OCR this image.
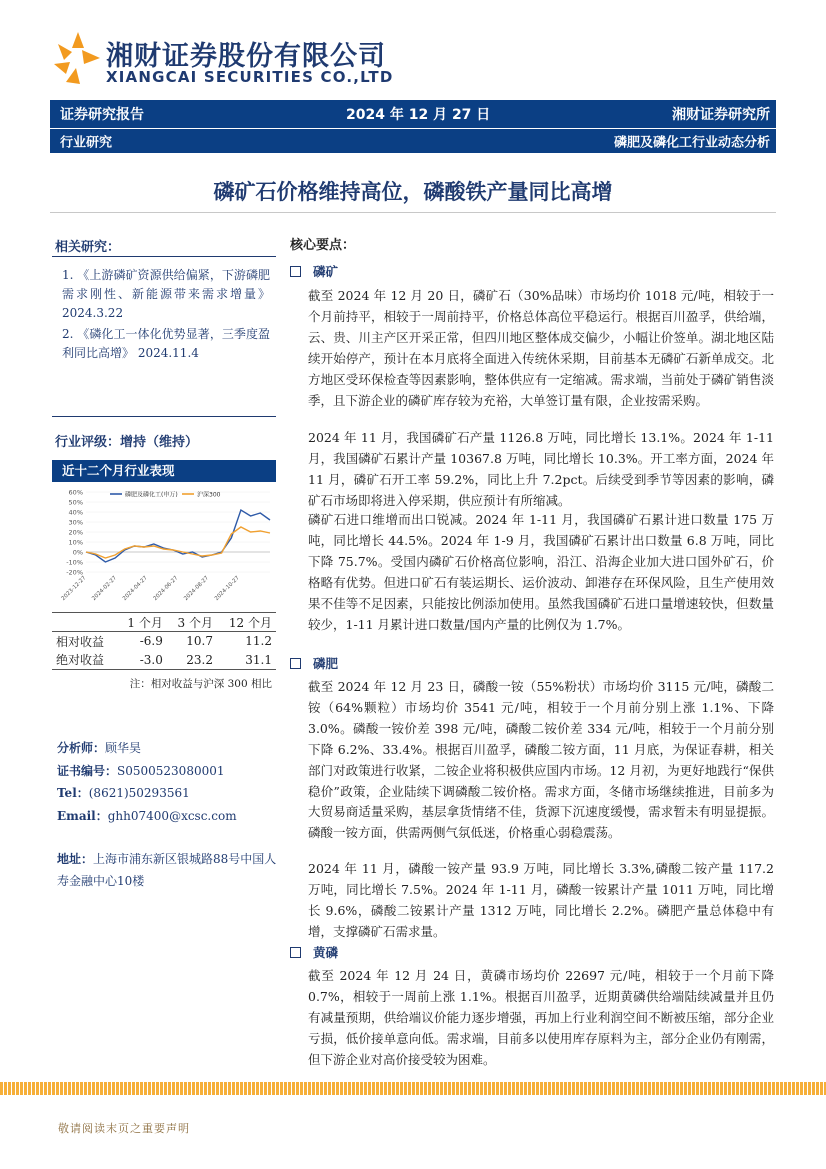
湘财证券股份有限公司
XIANGCAI SECURITIES CO.,LTD
证券研究报告	2024 年 12 月 27 日	湘财证券研究所
行业研究	磷肥及磷化工行业动态分析
磷矿石价格维持高位，磷酸铁产量同比高增
相关研究：
1. 《上游磷矿资源供给偏紧，下游磷肥需求刚性、新能源带来需求增量》 2024.3.22
2. 《磷化工一体化优势显著，三季度盈利同比高增》 2024.11.4
行业评级：增持（维持）
近十二个月行业表现
60%
50%
40%
30%
20%
10%
0%
-10%
-20%
2023-12-27 2024-02-27 2024-04-27 2024-06-27 2024-08-27 2024-10-27
磷肥及磷化工(申万)	沪深300
	1 个月	3 个月	12 个月
相对收益	-6.9	10.7	11.2
绝对收益	-3.0	23.2	31.1
注：相对收益与沪深 300 相比
分析师：顾华昊
证书编号：S0500523080001
Tel：(8621)50293561
Email：ghh07400@xcsc.com
地址：上海市浦东新区银城路88号中国人寿金融中心10楼
核心要点：
磷矿
截至 2024 年 12 月 20 日，磷矿石（30%品味）市场均价 1018 元/吨，相较于一个月前持平，相较于一周前持平，价格总体高位平稳运行。根据百川盈孚，供给端，云、贵、川主产区开采正常，但四川地区整体成交偏少，小幅让价签单。湖北地区陆续开始停产，预计在本月底将全面进入传统休采期，目前基本无磷矿石新单成交。北方地区受环保检查等因素影响，整体供应有一定缩减。需求端，当前处于磷矿销售淡季，且下游企业的磷矿库存较为充裕，大单签订量有限，企业按需采购。
2024 年 11 月，我国磷矿石产量 1126.8 万吨，同比增长 13.1%。2024 年 1-11 月，我国磷矿石累计产量 10367.8 万吨，同比增长 10.3%。开工率方面，2024 年 11 月，磷矿石开工率 59.2%，同比上升 7.2pct。后续受到季节等因素的影响，磷矿石市场即将进入停采期，供应预计有所缩减。
磷矿石进口维增而出口锐减。2024 年 1-11 月，我国磷矿石累计进口数量 175 万吨，同比增长 44.5%。2024 年 1-9 月，我国磷矿石累计出口数量 6.8 万吨，同比下降 75.7%。受国内磷矿石价格高位影响，沿江、沿海企业加大进口国外矿石，价格略有优势。但进口矿石有装运期长、运价波动、卸港存在环保风险，且生产使用效果不佳等不足因素，只能按比例添加使用。虽然我国磷矿石进口量增速较快，但数量较少，1-11 月累计进口数量/国内产量的比例仅为 1.7%。
磷肥
截至 2024 年 12 月 23 日，磷酸一铵（55%粉状）市场均价 3115 元/吨，磷酸二铵（64%颗粒）市场均价 3541 元/吨，相较于一个月前分别上涨 1.1%、下降 3.0%。磷酸一铵价差 398 元/吨，磷酸二铵价差 334 元/吨，相较于一个月前分别下降 6.2%、33.4%。根据百川盈孚，磷酸二铵方面，11 月底，为保证春耕，相关部门对政策进行收紧，二铵企业将积极供应国内市场。12 月初，为更好地践行“保供稳价”政策，企业陆续下调磷酸二铵价格。需求方面，冬储市场继续推进，目前多为大贸易商适量采购，基层拿货情绪不佳，货源下沉速度缓慢，需求暂未有明显提振。磷酸一铵方面，供需两侧气氛低迷，价格重心弱稳震荡。
2024 年 11 月，磷酸一铵产量 93.9 万吨，同比增长 3.3%,磷酸二铵产量 117.2 万吨，同比增长 7.5%。2024 年 1-11 月，磷酸一铵累计产量 1011 万吨，同比增长 9.6%，磷酸二铵累计产量 1312 万吨，同比增长 2.2%。磷肥产量总体稳中有增，支撑磷矿石需求量。
黄磷
截至 2024 年 12 月 24 日，黄磷市场均价 22697 元/吨，相较于一个月前下降 0.7%，相较于一周前上涨 1.1%。根据百川盈孚，近期黄磷供给端陆续减量并且仍有减量预期，供给端议价能力逐步增强，再加上行业利润空间不断被压缩，部分企业亏损，低价接单意向低。需求端，目前多以使用库存原料为主，部分企业仍有刚需，但下游企业对高价接受较为困难。
敬请阅读末页之重要声明
